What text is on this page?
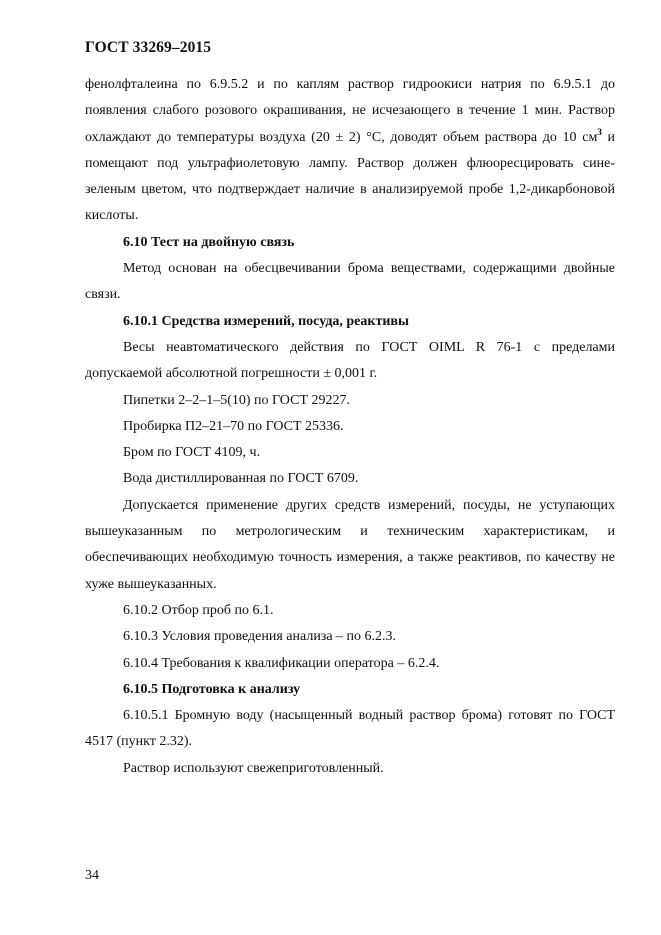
ГОСТ 33269–2015

фенолфталеина по 6.9.5.2 и по каплям раствор гидроокиси натрия по 6.9.5.1 до появления слабого розового окрашивания, не исчезающего в течение 1 мин. Раствор охлаждают до температуры воздуха (20 ± 2) °С, доводят объем раствора до 10 $см^3$ и помещают под ультрафиолетовую лампу. Раствор должен флюоресцировать сине-зеленым цветом, что подтверждает наличие в анализируемой пробе 1,2-дикарбоновой кислоты.

6.10 Тест на двойную связь

Метод основан на обесцвечивании брома веществами, содержащими двойные связи.

6.10.1 Средства измерений, посуда, реактивы

Весы неавтоматического действия по ГОСТ OIML R 76-1 с пределами допускаемой абсолютной погрешности ± 0,001 г.

Пипетки 2–2–1–5(10) по ГОСТ 29227.

Пробирка П2–21–70 по ГОСТ 25336.

Бром по ГОСТ 4109, ч.

Вода дистиллированная по ГОСТ 6709.

Допускается применение других средств измерений, посуды, не уступающих вышеуказанным по метрологическим и техническим характеристикам, и обеспечивающих необходимую точность измерения, а также реактивов, по качеству не хуже вышеуказанных.

6.10.2 Отбор проб по 6.1.

6.10.3 Условия проведения анализа – по 6.2.3.

6.10.4 Требования к квалификации оператора – 6.2.4.

6.10.5 Подготовка к анализу

6.10.5.1 Бромную воду (насыщенный водный раствор брома) готовят по ГОСТ 4517 (пункт 2.32).

Раствор используют свежеприготовленный.

34
